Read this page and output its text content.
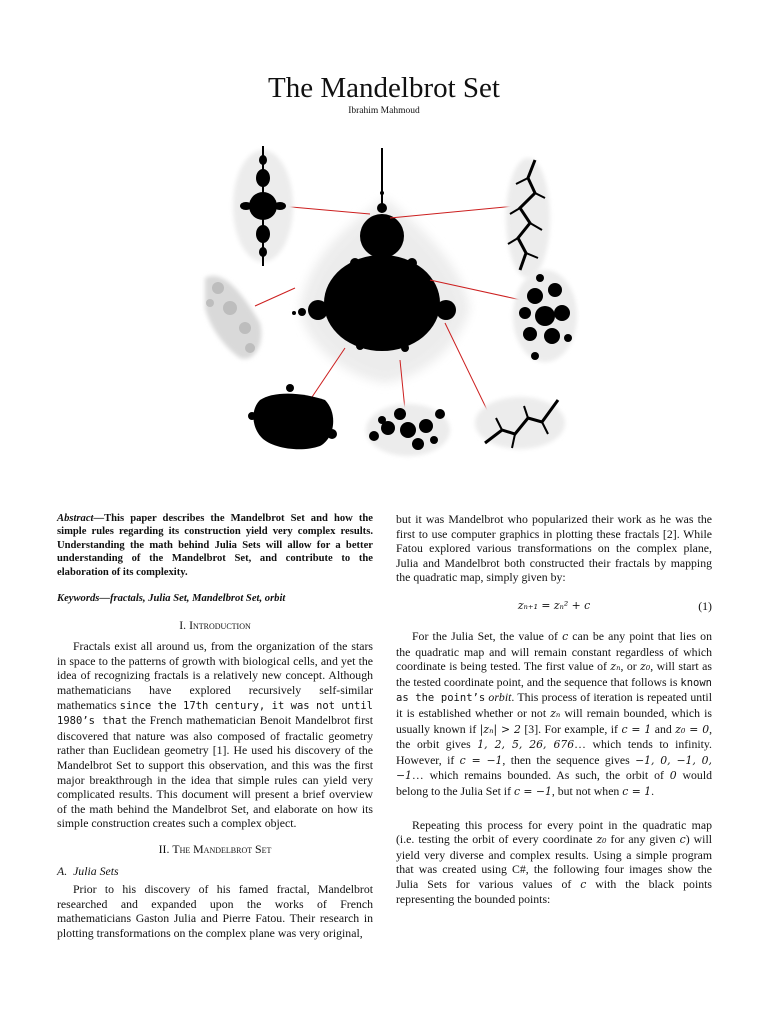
The Mandelbrot Set
Ibrahim Mahmoud

Abstract—This paper describes the Mandelbrot Set and how the simple rules regarding its construction yield very complex results. Understanding the math behind Julia Sets will allow for a better understanding of the Mandelbrot Set, and contribute to the elaboration of its complexity.

Keywords—fractals, Julia Set, Mandelbrot Set, orbit

I. Introduction

Fractals exist all around us, from the organization of the stars in space to the patterns of growth with biological cells, and yet the idea of recognizing fractals is a relatively new concept. Although mathematicians have explored recursively self-similar mathematics since the 17th century, it was not until 1980’s that the French mathematician Benoit Mandelbrot first discovered that nature was also composed of fractalic geometry rather than Euclidean geometry [1]. He used his discovery of the Mandelbrot Set to support this observation, and this was the first major breakthrough in the idea that simple rules can yield very complicated results. This document will present a brief overview of the math behind the Mandelbrot Set, and elaborate on how its simple construction creates such a complex object.

II. The Mandelbrot Set

A. Julia Sets

Prior to his discovery of his famed fractal, Mandelbrot researched and expanded upon the works of French mathematicians Gaston Julia and Pierre Fatou. Their research in plotting transformations on the complex plane was very original,

but it was Mandelbrot who popularized their work as he was the first to use computer graphics in plotting these fractals [2]. While Fatou explored various transformations on the complex plane, Julia and Mandelbrot both constructed their fractals by mapping the quadratic map, simply given by:

zₙ₊₁ = zₙ² + c	(1)

For the Julia Set, the value of c can be any point that lies on the quadratic map and will remain constant regardless of which coordinate is being tested. The first value of zₙ, or z₀, will start as the tested coordinate point, and the sequence that follows is known as the point’s orbit. This process of iteration is repeated until it is established whether or not zₙ will remain bounded, which is usually known if |zₙ| > 2 [3]. For example, if c = 1 and z₀ = 0, the orbit gives 1, 2, 5, 26, 676… which tends to infinity. However, if c = −1, then the sequence gives −1, 0, −1, 0, −1… which remains bounded. As such, the orbit of 0 would belong to the Julia Set if c = −1, but not when c = 1.

Repeating this process for every point in the quadratic map (i.e. testing the orbit of every coordinate z₀ for any given c) will yield very diverse and complex results. Using a simple program that was created using C#, the following four images show the Julia Sets for various values of c with the black points representing the bounded points:
